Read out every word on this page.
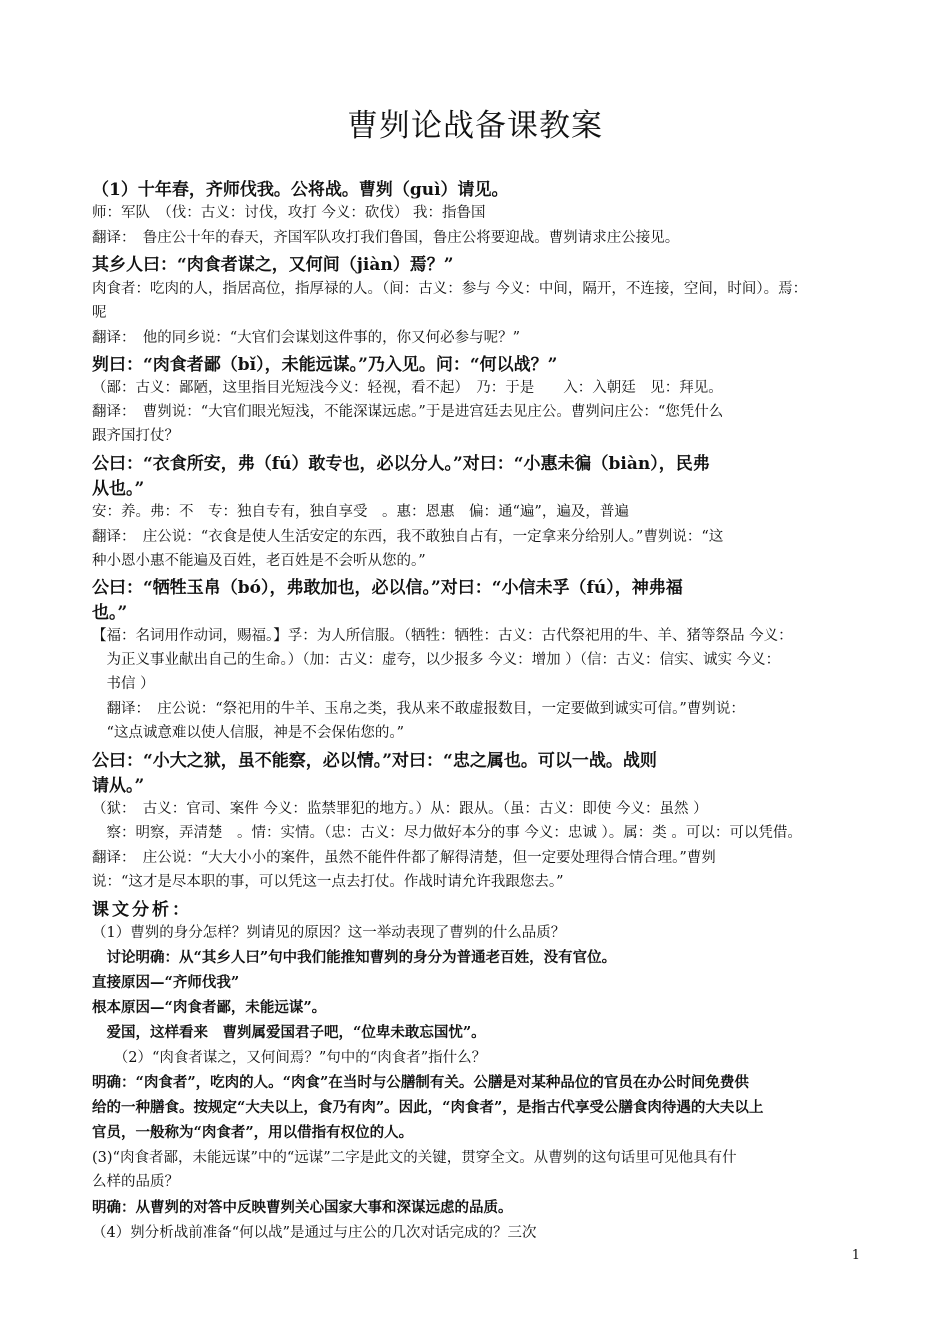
曹刿论战备课教案
（1）十年春，齐师伐我。公将战。曹刿（guì）请见。
师：军队　（伐：古义：讨伐，攻打 今义：砍伐） 我：指鲁国
翻译：　鲁庄公十年的春天，齐国军队攻打我们鲁国，鲁庄公将要迎战。曹刿请求庄公接见。
其乡人曰：“肉食者谋之，又何间（jiàn）焉？”
肉食者：吃肉的人，指居高位，指厚禄的人。（间：古义：参与 今义：中间，隔开，不连接，空间，时间）。焉：
呢
翻译：　他的同乡说：“大官们会谋划这件事的，你又何必参与呢？”
刿曰：“肉食者鄙（bǐ），未能远谋。”乃入见。问：“何以战？”
（鄙：古义：鄙陋，这里指目光短浅今义：轻视，看不起）　乃：于是　　入：入朝廷　见：拜见。
翻译：　曹刿说：“大官们眼光短浅，不能深谋远虑。”于是进宫廷去见庄公。曹刿问庄公：“您凭什么
跟齐国打仗？
公曰：“衣食所安，弗（fú）敢专也，必以分人。”对曰：“小惠未徧（biàn），民弗
从也。”
安：养。弗：不　专：独自专有，独自享受　。惠：恩惠　偏：通“遍”，遍及，普遍
翻译：　庄公说：“衣食是使人生活安定的东西，我不敢独自占有，一定拿来分给别人。”曹刿说：“这
种小恩小惠不能遍及百姓，老百姓是不会听从您的。”
公曰：“牺牲玉帛（bó），弗敢加也，必以信。”对曰：“小信未孚（fú），神弗福
也。”
【福：名词用作动词，赐福。】孚：为人所信服。（牺牲：牺牲：古义：古代祭祀用的牛、羊、猪等祭品 今义：
　为正义事业献出自己的生命。）（加：古义：虚夸，以少报多 今义：增加 ）（信：古义：信实、诚实 今义：
　书信 ）
　翻译：　庄公说：“祭祀用的牛羊、玉帛之类，我从来不敢虚报数目，一定要做到诚实可信。”曹刿说：
　“这点诚意难以使人信服，神是不会保佑您的。”
公曰：“小大之狱，虽不能察，必以情。”对曰：“忠之属也。可以一战。战则
请从。”
（狱：　古义：官司、案件 今义：监禁罪犯的地方。）从：跟从。（虽：古义：即使 今义：虽然 ）
　察：明察，弄清楚　。情：实情。（忠：古义：尽力做好本分的事 今义：忠诚 ）。属：类 。可以：可以凭借。
翻译：　庄公说：“大大小小的案件，虽然不能件件都了解得清楚，但一定要处理得合情合理。”曹刿
说：“这才是尽本职的事，可以凭这一点去打仗。作战时请允许我跟您去。”
课文分析：
（1）曹刿的身分怎样？刿请见的原因？这一举动表现了曹刿的什么品质？
　讨论明确：从“其乡人曰”句中我们能推知曹刿的身分为普通老百姓，没有官位。
直接原因—“齐师伐我”
根本原因—“肉食者鄙，未能远谋”。
　爱国，这样看来　曹刿属爱国君子吧，“位卑未敢忘国忧”。
　　（2）“肉食者谋之，又何间焉？”句中的“肉食者”指什么？
明确：“肉食者”，吃肉的人。“肉食”在当时与公膳制有关。公膳是对某种品位的官员在办公时间免费供
给的一种膳食。按规定“大夫以上，食乃有肉”。因此，“肉食者”，是指古代享受公膳食肉待遇的大夫以上
官员，一般称为“肉食者”，用以借指有权位的人。
(3)“肉食者鄙，未能远谋”中的“远谋”二字是此文的关键，贯穿全文。从曹刿的这句话里可见他具有什
么样的品质？
明确：从曹刿的对答中反映曹刿关心国家大事和深谋远虑的品质。
（4）刿分析战前准备“何以战”是通过与庄公的几次对话完成的？三次
1
